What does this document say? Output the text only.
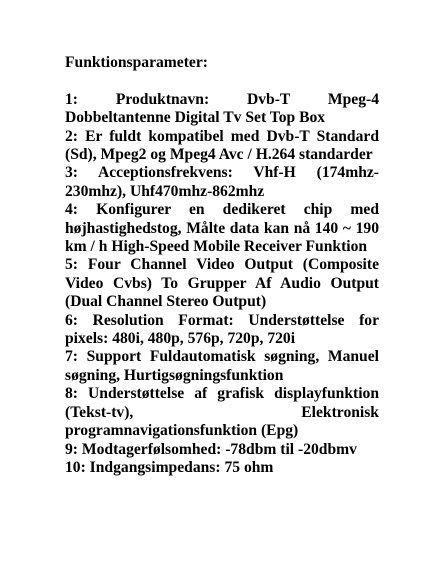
Funktionsparameter:
1: Produktnavn: Dvb-T Mpeg-4 Dobbeltantenne Digital Tv Set Top Box
2: Er fuldt kompatibel med Dvb-T Standard (Sd), Mpeg2 og Mpeg4 Avc / H.264 standarder
3: Acceptionsfrekvens: Vhf-H (174mhz-230mhz), Uhf470mhz-862mhz
4: Konfigurer en dedikeret chip med højhastighedstog, Målte data kan nå 140 ~ 190 km / h High-Speed Mobile Receiver Funktion
5: Four Channel Video Output (Composite Video Cvbs) To Grupper Af Audio Output (Dual Channel Stereo Output)
6: Resolution Format: Understøttelse for pixels: 480i, 480p, 576p, 720p, 720i
7: Support Fuldautomatisk søgning, Manuel søgning, Hurtigsøgningsfunktion
8: Understøttelse af grafisk displayfunktion (Tekst-tv), Elektronisk programnavigationsfunktion (Epg)
9: Modtagerfølsomhed: -78dbm til -20dbmv
10: Indgangsimpedans: 75 ohm
